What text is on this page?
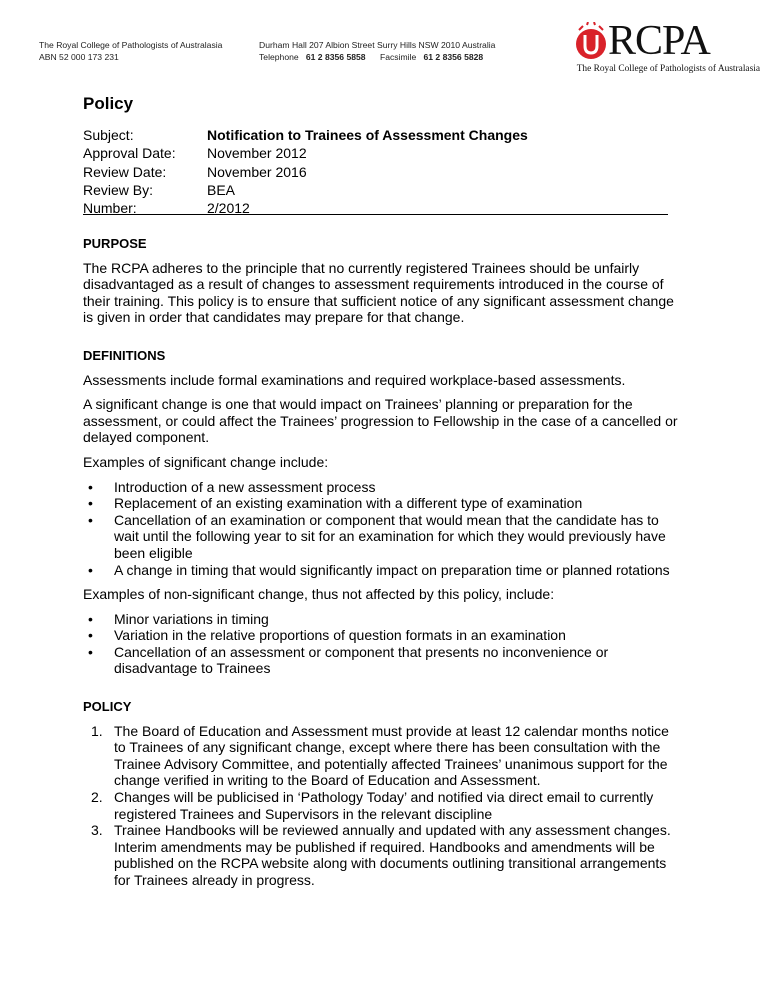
The Royal College of Pathologists of Australasia
ABN 52 000 173 231
Durham Hall 207 Albion Street Surry Hills NSW 2010 Australia
Telephone 61 2 8356 5858 Facsimile 61 2 8356 5828	RCPA
The Royal College of Pathologists of Australasia
Policy
Subject:	Notification to Trainees of Assessment Changes
Approval Date:	November 2012
Review Date:	November 2016
Review By:	BEA
Number:	2/2012
PURPOSE

The RCPA adheres to the principle that no currently registered Trainees should be unfairly disadvantaged as a result of changes to assessment requirements introduced in the course of their training. This policy is to ensure that sufficient notice of any significant assessment change is given in order that candidates may prepare for that change.

DEFINITIONS

Assessments include formal examinations and required workplace-based assessments.

A significant change is one that would impact on Trainees’ planning or preparation for the assessment, or could affect the Trainees’ progression to Fellowship in the case of a cancelled or delayed component.

Examples of significant change include:

• Introduction of a new assessment process
• Replacement of an existing examination with a different type of examination
• Cancellation of an examination or component that would mean that the candidate has to wait until the following year to sit for an examination for which they would previously have been eligible
• A change in timing that would significantly impact on preparation time or planned rotations

Examples of non-significant change, thus not affected by this policy, include:

• Minor variations in timing
• Variation in the relative proportions of question formats in an examination
• Cancellation of an assessment or component that presents no inconvenience or disadvantage to Trainees
POLICY
1. The Board of Education and Assessment must provide at least 12 calendar months notice to Trainees of any significant change, except where there has been consultation with the Trainee Advisory Committee, and potentially affected Trainees’ unanimous support for the change verified in writing to the Board of Education and Assessment.
2. Changes will be publicised in ‘Pathology Today’ and notified via direct email to currently registered Trainees and Supervisors in the relevant discipline
3. Trainee Handbooks will be reviewed annually and updated with any assessment changes. Interim amendments may be published if required. Handbooks and amendments will be published on the RCPA website along with documents outlining transitional arrangements for Trainees already in progress.
